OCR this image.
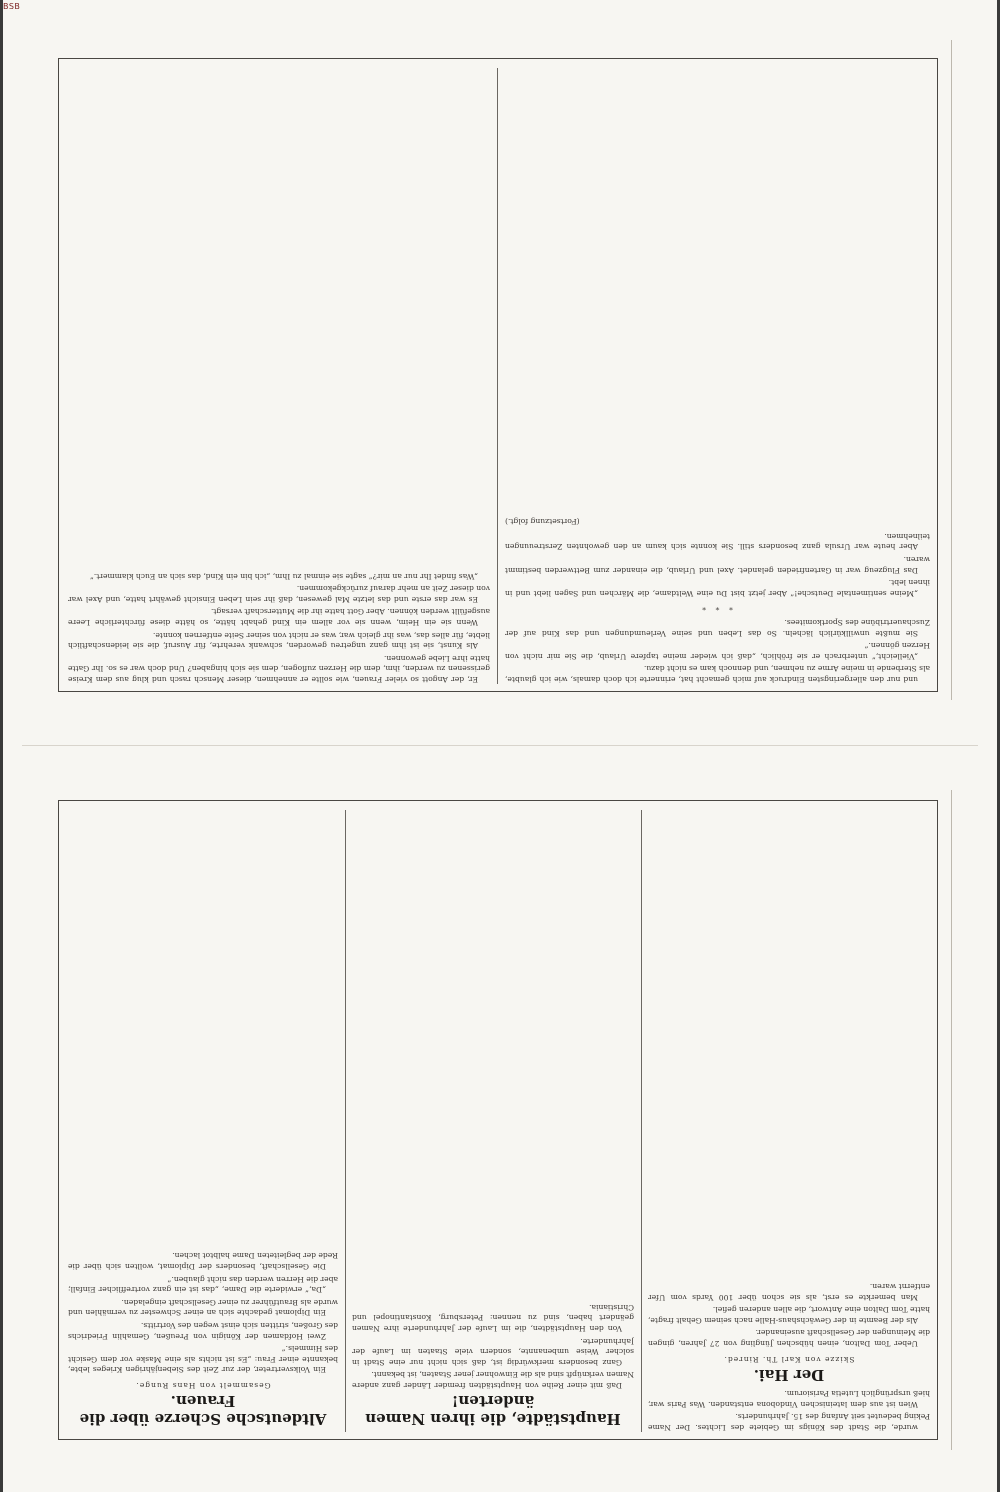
BSB

und nur den allergeringsten Eindruck auf mich gemacht hat, erinnerte ich doch damals, wie ich glaubte, als Sterbende in meine Arme zu nehmen, und dennoch kam es nicht dazu.

„Vielleicht,“ unterbrach er sie fröhlich, „daß ich wieder meine tapfere Urlaub, die Sie mir nicht von Herzen gönnen.“

Sie mußte unwillkürlich lächeln. So das Leben und seine Verleumdungen und das Kind auf der Zuschauertribüne des Sportkomitees.

*    *    *

„Meine sentimentale Deutsche!“ Aber jetzt bist Du eine Weltdame, die Märchen und Sagen liebt und in ihnen lebt.

Das Flugzeug war in Gartenfrieden gelandet. Axel und Urlaub, die einander zum Bettwerden bestimmt waren.

Aber heute war Ursula ganz besonders still. Sie konnte sich kaum an den gewohnten Zerstreuungen teilnehmen.

(Fortsetzung folgt.)

Er, der Angott so vieler Frauen, wie sollte er annehmen, dieser Mensch rasch und klug aus dem Kreise gerissenen zu werden, ihm, dem die Herzen zuflogen, dem sie sich hingaben? Und doch war es so. Ihr Gatte hatte ihre Liebe gewonnen.

Als Kunst, sie ist ihm ganz ungetreu geworden, schwank verehrte, für Ausruf, die sie leidenschaftlich liebte, für alles das, was ihr gleich war, was er nicht von seiner Seite entfernen konnte.

Wenn sie ein Heim, wenn sie vor allem ein Kind gehabt hätte, so hätte diese fürchterliche Leere ausgefüllt werden können. Aber Gott hatte ihr die Mutterschaft versagt.

Es war das erste und das letzte Mal gewesen, daß ihr sein Leben Einsicht gewährt hatte, und Axel war von dieser Zeit an mehr darauf zurückgekommen.

„Was findet Ihr nur an mir?“ sagte sie einmal zu Ihm, „ich bin ein Kind, das sich an Euch klammert.“

wurde, die Stadt des Königs im Gebiete des Lichtes. Der Name Peking bedeutet seit Anfang des 15. Jahrhunderts.

Wien ist aus dem lateinischen Vindobona entstanden. Was Paris war, hieß ursprünglich Lutetia Parisiorum.

Der Hai.

Skizze von Karl Th. Rinred.

Ueber Tom Dalton, einen hübschen Jüngling von 27 Jahren, gingen die Meinungen der Gesellschaft auseinander.

Als der Beamte in der Gewächshaus-Halle nach seinem Gehalt fragte, hatte Tom Dalton eine Antwort, die allen anderen gefiel.

Man bemerkte es erst, als sie schon über 100 Yards vom Ufer entfernt waren.

Hauptstädte, die ihren Namen änderten!

Daß mit einer Reihe von Hauptstädten fremder Länder ganz andere Namen verknüpft sind als die Einwohner jener Staaten, ist bekannt.

Ganz besonders merkwürdig ist, daß sich nicht nur eine Stadt in solcher Weise umbenannte, sondern viele Staaten im Laufe der Jahrhunderte.

Von den Hauptstädten, die im Laufe der Jahrhunderte ihre Namen geändert haben, sind zu nennen: Petersburg, Konstantinopel und Christiania.

Altdeutsche Scherze über die Frauen.

Gesammelt von Hans Runge.

Ein Volksvertreter, der zur Zeit des Siebenjährigen Krieges lebte, bekannte einer Frau: „Es ist nichts als eine Maske vor dem Gesicht des Himmels.“

Zwei Hofdamen der Königin von Preußen, Gemahlin Friedrichs des Großen, stritten sich einst wegen des Vortritts.

Ein Diplomat gedachte sich an einer Schwester zu vermählen und wurde als Brautführer zu einer Gesellschaft eingeladen.

„Da,“ erwiderte die Dame, „das ist ein ganz vortrefflicher Einfall; aber die Herren werden das nicht glauben.“

Die Gesellschaft, besonders der Diplomat, wollten sich über die Rede der begleiteten Dame halbtot lachen.
